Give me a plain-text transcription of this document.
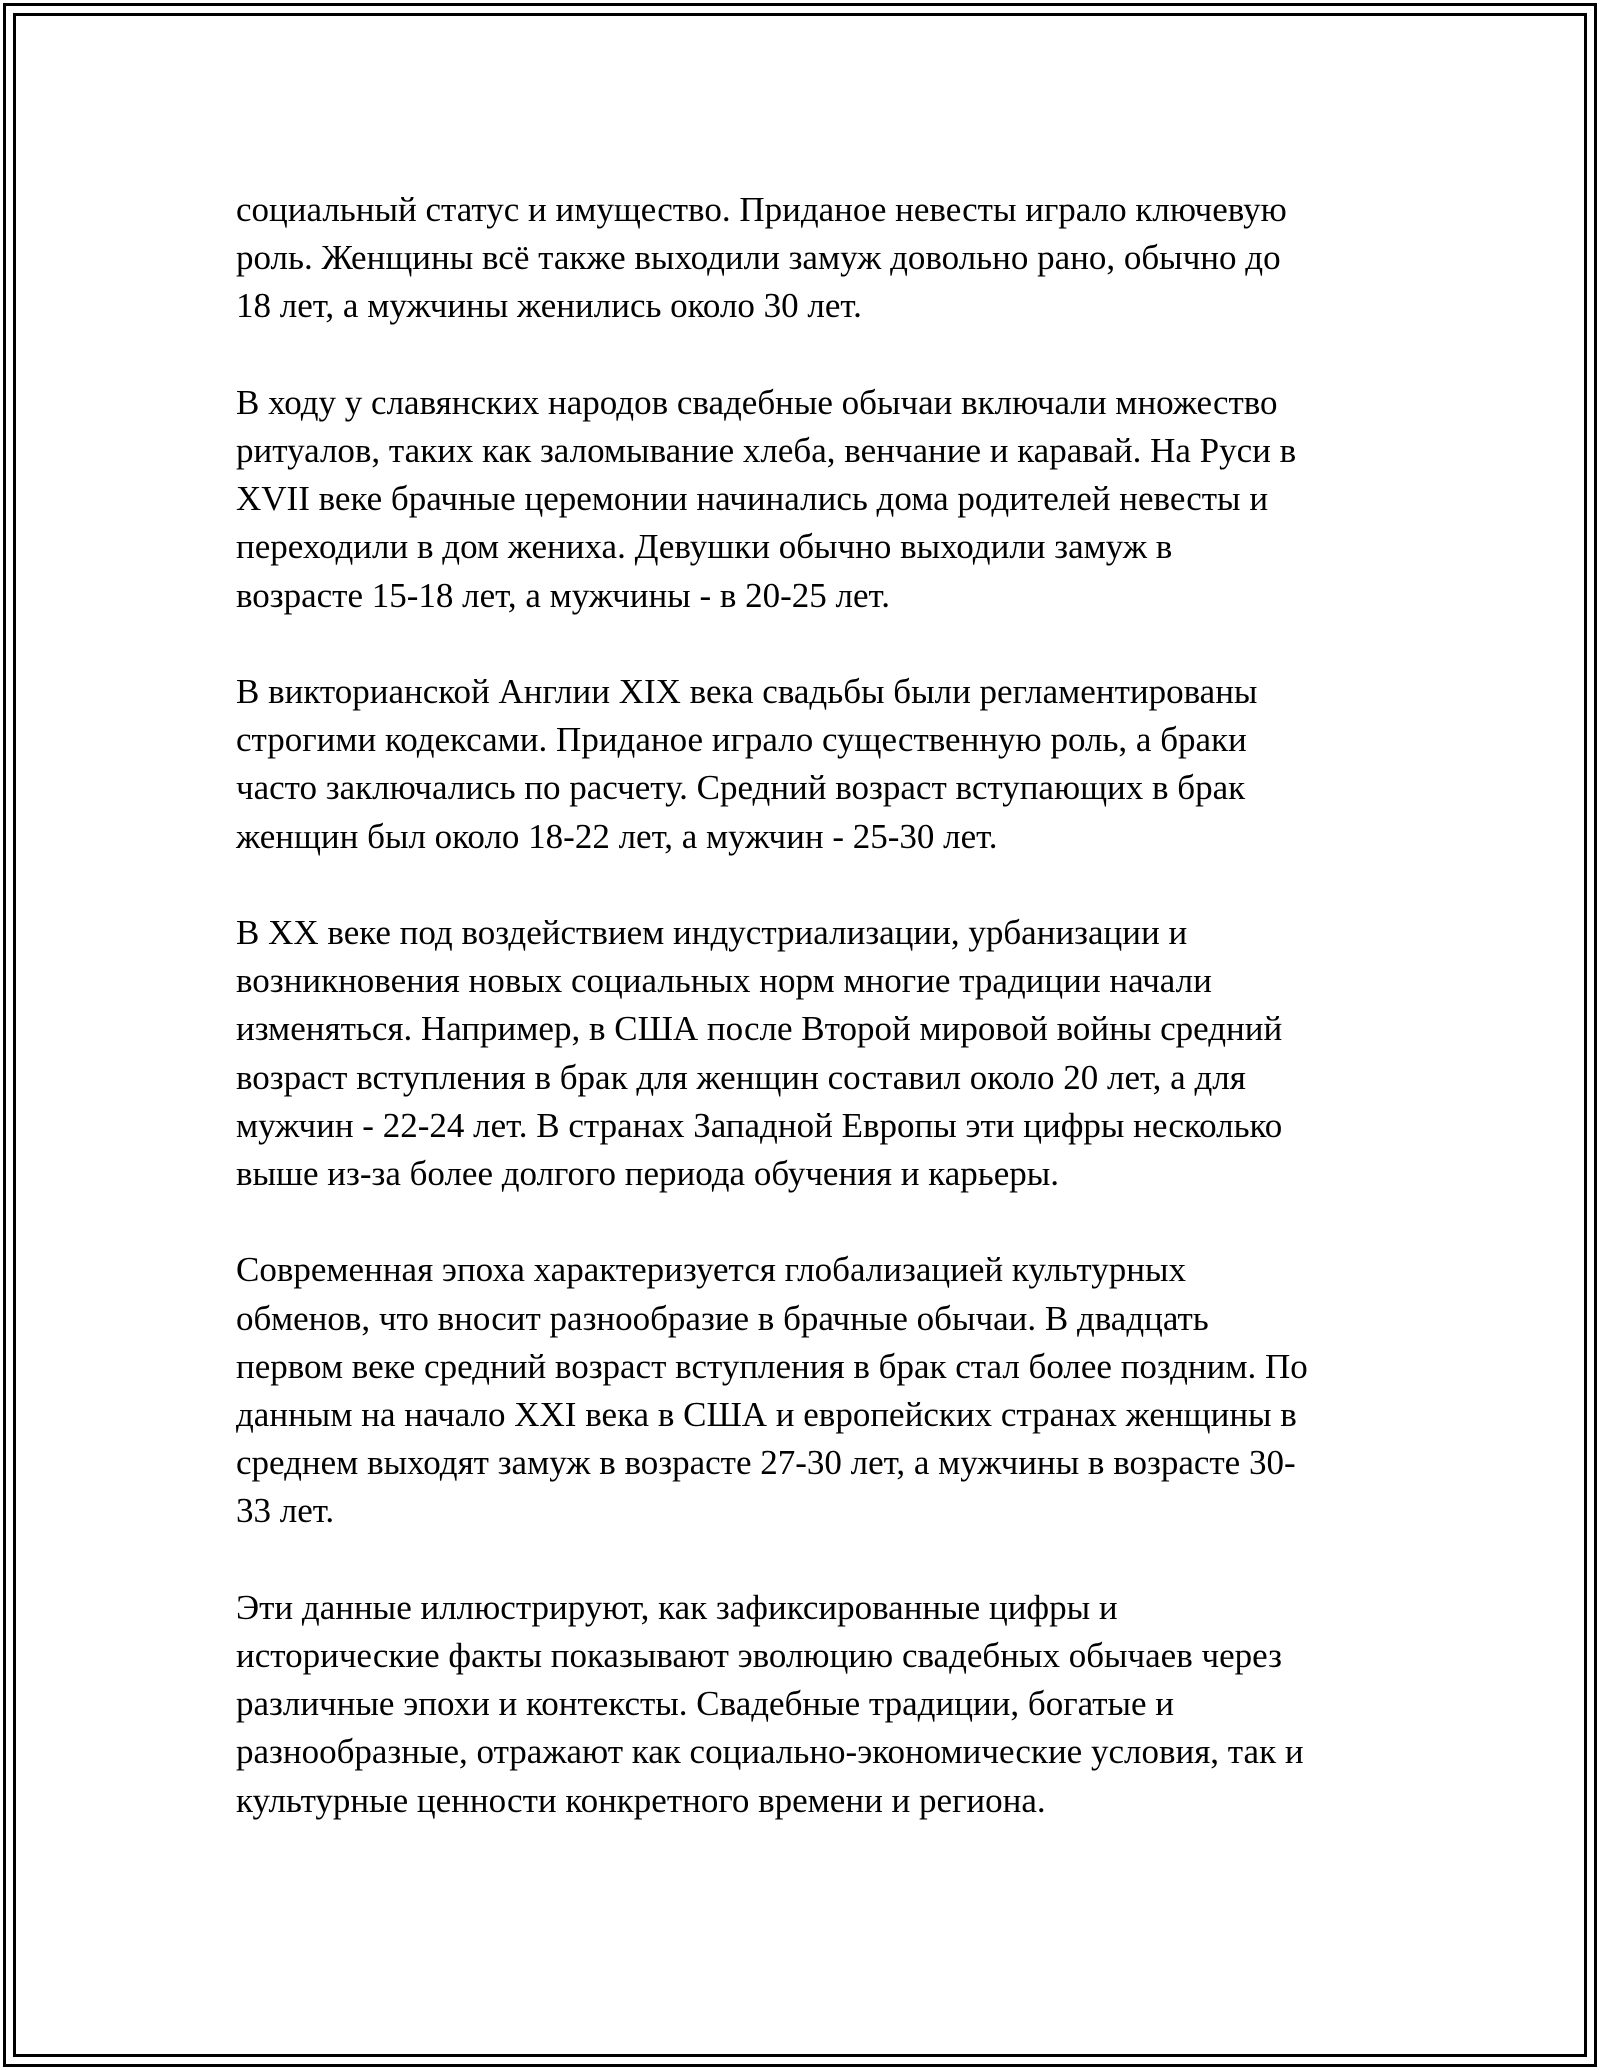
социальный статус и имущество. Приданое невесты играло ключевую
роль. Женщины всё также выходили замуж довольно рано, обычно до
18 лет, а мужчины женились около 30 лет.

В ходу у славянских народов свадебные обычаи включали множество
ритуалов, таких как заломывание хлеба, венчание и каравай. На Руси в
XVII веке брачные церемонии начинались дома родителей невесты и
переходили в дом жениха. Девушки обычно выходили замуж в
возрасте 15-18 лет, а мужчины - в 20-25 лет.

В викторианской Англии XIX века свадьбы были регламентированы
строгими кодексами. Приданое играло существенную роль, а браки
часто заключались по расчету. Средний возраст вступающих в брак
женщин был около 18-22 лет, а мужчин - 25-30 лет.

В XX веке под воздействием индустриализации, урбанизации и
возникновения новых социальных норм многие традиции начали
изменяться. Например, в США после Второй мировой войны средний
возраст вступления в брак для женщин составил около 20 лет, а для
мужчин - 22-24 лет. В странах Западной Европы эти цифры несколько
выше из-за более долгого периода обучения и карьеры.

Современная эпоха характеризуется глобализацией культурных
обменов, что вносит разнообразие в брачные обычаи. В двадцать
первом веке средний возраст вступления в брак стал более поздним. По
данным на начало XXI века в США и европейских странах женщины в
среднем выходят замуж в возрасте 27-30 лет, а мужчины в возрасте 30-
33 лет.

Эти данные иллюстрируют, как зафиксированные цифры и
исторические факты показывают эволюцию свадебных обычаев через
различные эпохи и контексты. Свадебные традиции, богатые и
разнообразные, отражают как социально-экономические условия, так и
культурные ценности конкретного времени и региона.
